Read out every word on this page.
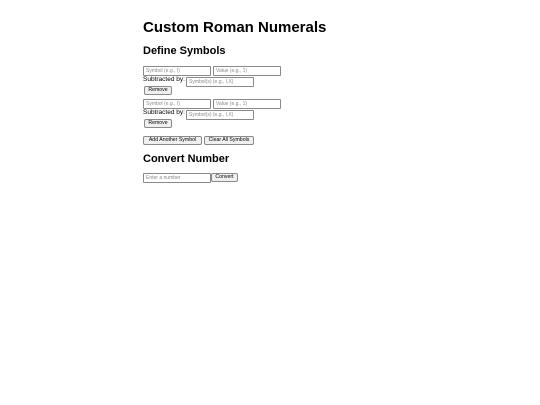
Custom Roman Numerals
Define Symbols
Symbol (e.g., I)
Value (e.g., 1)
Subtracted by:
Symbol(s) (e.g., I,X)
Remove
Symbol (e.g., I)
Value (e.g., 1)
Subtracted by:
Symbol(s) (e.g., I,X)
Remove
Add Another Symbol	Clear All Symbols
Convert Number
Enter a number
Convert
